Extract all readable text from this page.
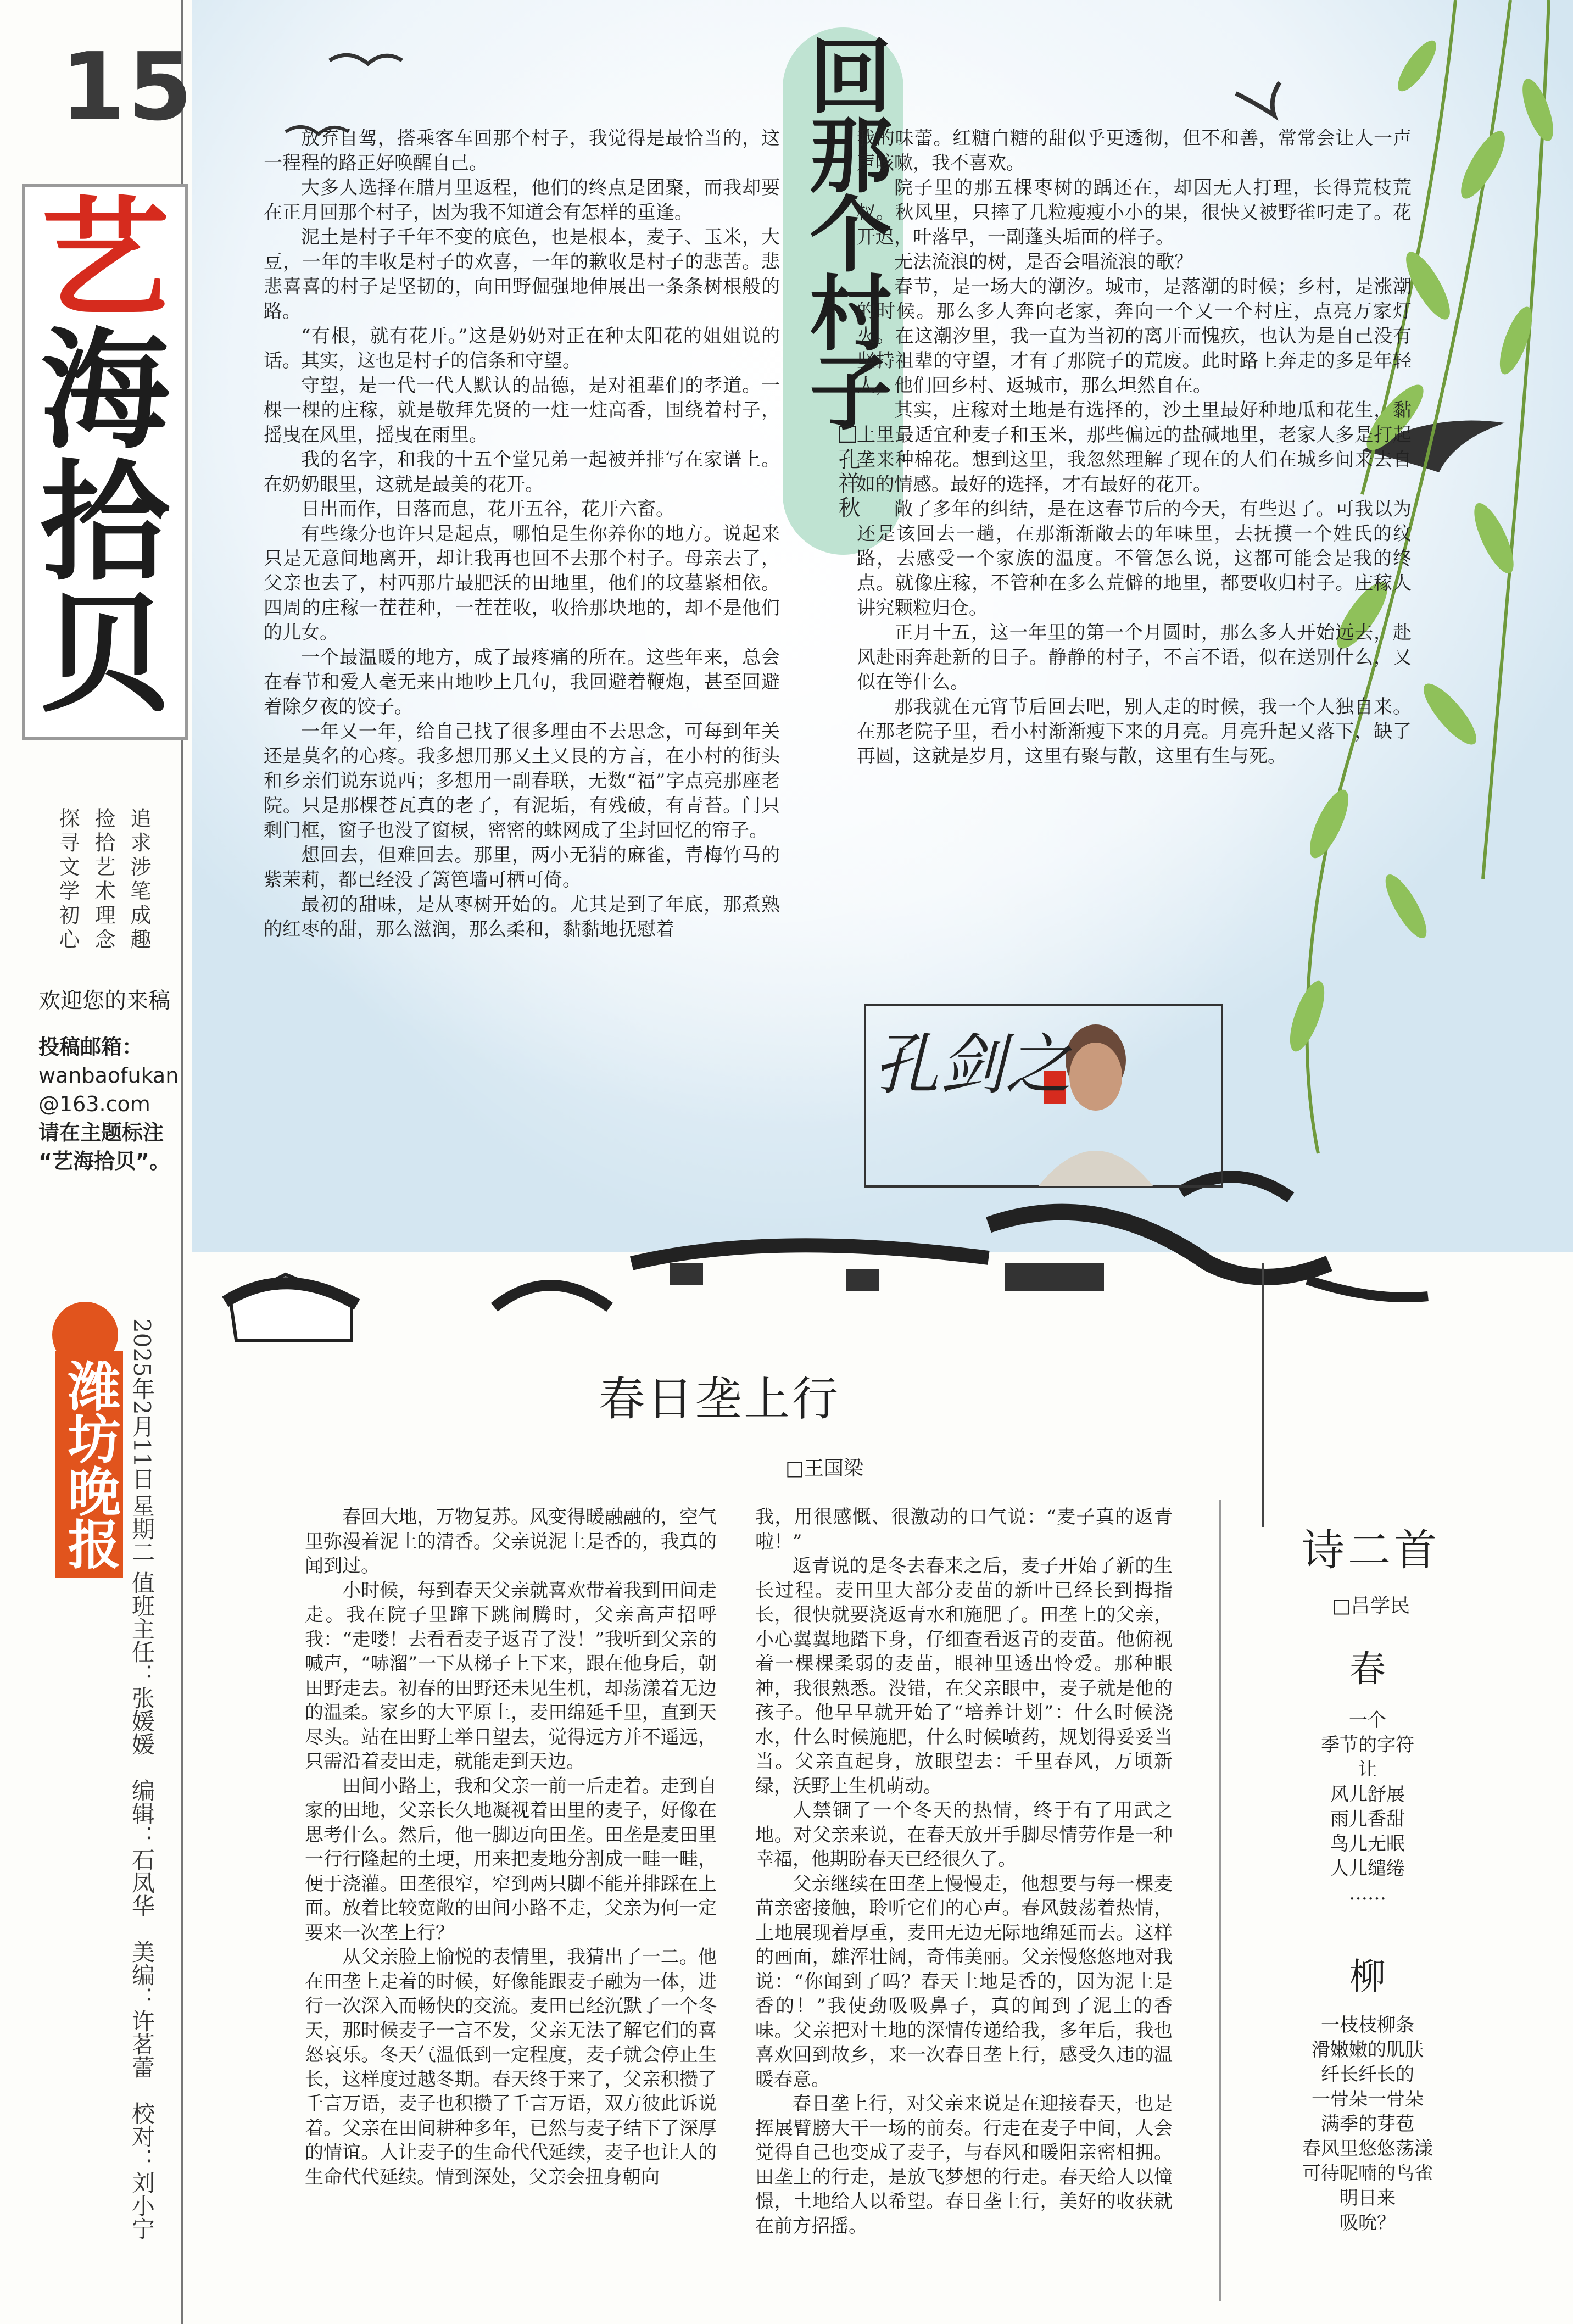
15
艺
海
拾
贝
追求涉笔成趣
捡拾艺术理念
探寻文学初心
欢迎您的来稿
投稿邮箱：
wanbaofukan
@163.com
请在主题标注
“艺海拾贝”。
潍坊晚报 2025年2月11日
星期二
值班主任：张媛媛　编辑：石凤华　美编：许茗蕾　校对：刘小宁
回那个村子
□孔祥秋

放弃自驾，搭乘客车回那个村子，我觉得是最恰当的，这一程程的路正好唤醒自己。

大多人选择在腊月里返程，他们的终点是团聚，而我却要在正月回那个村子，因为我不知道会有怎样的重逢。

泥土是村子千年不变的底色，也是根本，麦子、玉米，大豆，一年的丰收是村子的欢喜，一年的歉收是村子的悲苦。悲悲喜喜的村子是坚韧的，向田野倔强地伸展出一条条树根般的路。

“有根，就有花开。”这是奶奶对正在种太阳花的姐姐说的话。其实，这也是村子的信条和守望。

守望，是一代一代人默认的品德，是对祖辈们的孝道。一棵一棵的庄稼，就是敬拜先贤的一炷一炷高香，围绕着村子，摇曳在风里，摇曳在雨里。

我的名字，和我的十五个堂兄弟一起被并排写在家谱上。在奶奶眼里，这就是最美的花开。

日出而作，日落而息，花开五谷，花开六畜。

有些缘分也许只是起点，哪怕是生你养你的地方。说起来只是无意间地离开，却让我再也回不去那个村子。母亲去了，父亲也去了，村西那片最肥沃的田地里，他们的坟墓紧相依。四周的庄稼一茬茬种，一茬茬收，收拾那块地的，却不是他们的儿女。

一个最温暖的地方，成了最疼痛的所在。这些年来，总会在春节和爱人毫无来由地吵上几句，我回避着鞭炮，甚至回避着除夕夜的饺子。

一年又一年，给自己找了很多理由不去思念，可每到年关还是莫名的心疼。我多想用那又土又艮的方言，在小村的街头和乡亲们说东说西；多想用一副春联，无数“福”字点亮那座老院。只是那棵苍瓦真的老了，有泥垢，有残破，有青苔。门只剩门框，窗子也没了窗棂，密密的蛛网成了尘封回忆的帘子。

想回去，但难回去。那里，两小无猜的麻雀，青梅竹马的紫茉莉，都已经没了篱笆墙可栖可倚。

最初的甜味，是从枣树开始的。尤其是到了年底，那煮熟的红枣的甜，那么滋润，那么柔和，黏黏地抚慰着

我的味蕾。红糖白糖的甜似乎更透彻，但不和善，常常会让人一声声咳嗽，我不喜欢。

院子里的那五棵枣树的踽还在，却因无人打理，长得荒枝荒杈。秋风里，只摔了几粒瘦瘦小小的果，很快又被野雀叼走了。花开迟，叶落早，一副蓬头垢面的样子。

无法流浪的树，是否会唱流浪的歌？

春节，是一场大的潮汐。城市，是落潮的时候；乡村，是涨潮的时候。那么多人奔向老家，奔向一个又一个村庄，点亮万家灯火。在这潮汐里，我一直为当初的离开而愧疚，也认为是自己没有坚持祖辈的守望，才有了那院子的荒废。此时路上奔走的多是年轻人，他们回乡村、返城市，那么坦然自在。

其实，庄稼对土地是有选择的，沙土里最好种地瓜和花生，黏土里最适宜种麦子和玉米，那些偏远的盐碱地里，老家人多是打起垄来种棉花。想到这里，我忽然理解了现在的人们在城乡间来去自如的情感。最好的选择，才有最好的花开。

敞了多年的纠结，是在这春节后的今天，有些迟了。可我以为还是该回去一趟，在那渐渐敞去的年味里，去抚摸一个姓氏的纹路，去感受一个家族的温度。不管怎么说，这都可能会是我的终点。就像庄稼，不管种在多么荒僻的地里，都要收归村子。庄稼人讲究颗粒归仓。

正月十五，这一年里的第一个月圆时，那么多人开始远去，赴风赴雨奔赴新的日子。静静的村子，不言不语，似在送别什么，又似在等什么。

那我就在元宵节后回去吧，别人走的时候，我一个人独自来。在那老院子里，看小村渐渐瘦下来的月亮。月亮升起又落下，缺了再圆，这就是岁月，这里有聚与散，这里有生与死。

孔剑之
春日垄上行
□王国梁

春回大地，万物复苏。风变得暖融融的，空气里弥漫着泥土的清香。父亲说泥土是香的，我真的闻到过。

小时候，每到春天父亲就喜欢带着我到田间走走。我在院子里蹿下跳闹腾时，父亲高声招呼我：“走喽！去看看麦子返青了没！”我听到父亲的喊声，“哧溜”一下从梯子上下来，跟在他身后，朝田野走去。初春的田野还未见生机，却荡漾着无边的温柔。家乡的大平原上，麦田绵延千里，直到天尽头。站在田野上举目望去，觉得远方并不遥远，只需沿着麦田走，就能走到天边。

田间小路上，我和父亲一前一后走着。走到自家的田地，父亲长久地凝视着田里的麦子，好像在思考什么。然后，他一脚迈向田垄。田垄是麦田里一行行隆起的土埂，用来把麦地分割成一畦一畦，便于浇灌。田垄很窄，窄到两只脚不能并排踩在上面。放着比较宽敞的田间小路不走，父亲为何一定要来一次垄上行？

从父亲脸上愉悦的表情里，我猜出了一二。他在田垄上走着的时候，好像能跟麦子融为一体，进行一次深入而畅快的交流。麦田已经沉默了一个冬天，那时候麦子一言不发，父亲无法了解它们的喜怒哀乐。冬天气温低到一定程度，麦子就会停止生长，这样度过越冬期。春天终于来了，父亲积攒了千言万语，麦子也积攒了千言万语，双方彼此诉说着。父亲在田间耕种多年，已然与麦子结下了深厚的情谊。人让麦子的生命代代延续，麦子也让人的生命代代延续。情到深处，父亲会扭身朝向

我，用很感慨、很激动的口气说：“麦子真的返青啦！”

返青说的是冬去春来之后，麦子开始了新的生长过程。麦田里大部分麦苗的新叶已经长到拇指长，很快就要浇返青水和施肥了。田垄上的父亲，小心翼翼地踏下身，仔细查看返青的麦苗。他俯视着一棵棵柔弱的麦苗，眼神里透出怜爱。那种眼神，我很熟悉。没错，在父亲眼中，麦子就是他的孩子。他早早就开始了“培养计划”：什么时候浇水，什么时候施肥，什么时候喷药，规划得妥妥当当。父亲直起身，放眼望去：千里春风，万顷新绿，沃野上生机萌动。

人禁锢了一个冬天的热情，终于有了用武之地。对父亲来说，在春天放开手脚尽情劳作是一种幸福，他期盼春天已经很久了。

父亲继续在田垄上慢慢走，他想要与每一棵麦苗亲密接触，聆听它们的心声。春风鼓荡着热情，土地展现着厚重，麦田无边无际地绵延而去。这样的画面，雄浑壮阔，奇伟美丽。父亲慢悠悠地对我说：“你闻到了吗？春天土地是香的，因为泥土是香的！”我使劲吸吸鼻子，真的闻到了泥土的香味。父亲把对土地的深情传递给我，多年后，我也喜欢回到故乡，来一次春日垄上行，感受久违的温暖春意。

春日垄上行，对父亲来说是在迎接春天，也是挥展臂膀大干一场的前奏。行走在麦子中间，人会觉得自己也变成了麦子，与春风和暖阳亲密相拥。田垄上的行走，是放飞梦想的行走。春天给人以憧憬，土地给人以希望。春日垄上行，美好的收获就在前方招摇。

诗二首
□吕学民
春
一个
季节的字符
让
风儿舒展
雨儿香甜
鸟儿无眠
人儿缱绻
……
柳
一枝枝柳条
滑嫩嫩的肌肤
纤长纤长的
一骨朵一骨朵
满季的芽苞
春风里悠悠荡漾
可待昵喃的鸟雀
明日来
吸吮？
